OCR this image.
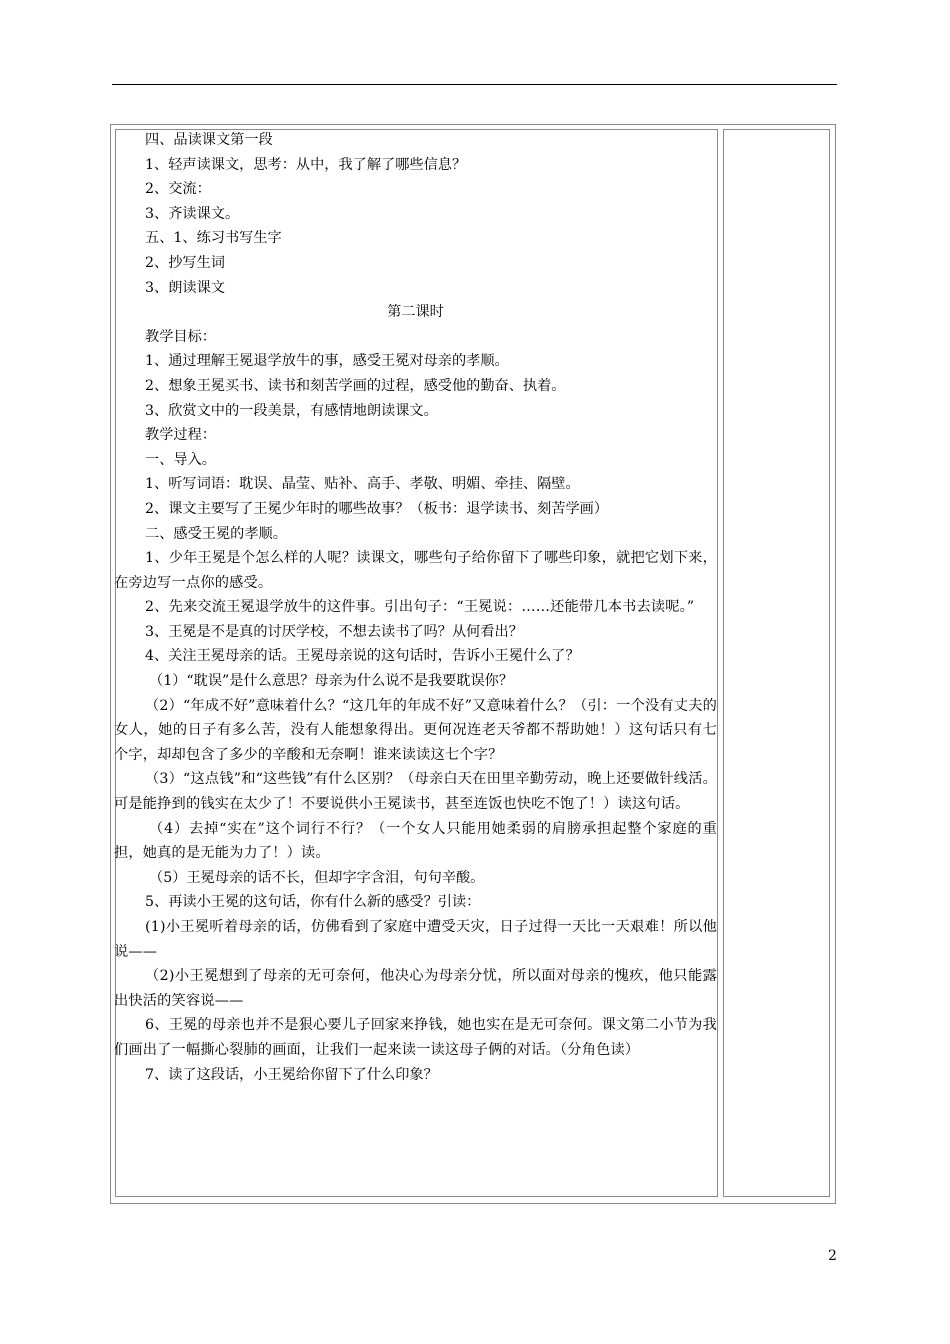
四、品读课文第一段

1、轻声读课文，思考：从中，我了解了哪些信息？

2、交流：

3、齐读课文。

五、1、练习书写生字

2、抄写生词

3、朗读课文

第二课时

教学目标：

1、通过理解王冕退学放牛的事，感受王冕对母亲的孝顺。

2、想象王冕买书、读书和刻苦学画的过程，感受他的勤奋、执着。

3、欣赏文中的一段美景，有感情地朗读课文。

教学过程：

一、导入。

1、听写词语：耽误、晶莹、贴补、高手、孝敬、明媚、牵挂、隔壁。

2、课文主要写了王冕少年时的哪些故事？（板书：退学读书、刻苦学画）

二、感受王冕的孝顺。

1、少年王冕是个怎么样的人呢？读课文，哪些句子给你留下了哪些印象，就把它划下来，在旁边写一点你的感受。

2、先来交流王冕退学放牛的这件事。引出句子：“王冕说：……还能带几本书去读呢。”

3、王冕是不是真的讨厌学校，不想去读书了吗？从何看出？

4、关注王冕母亲的话。王冕母亲说的这句话时，告诉小王冕什么了？

（1）“耽误”是什么意思？母亲为什么说不是我要耽误你？

（2）“年成不好”意味着什么？“这几年的年成不好”又意味着什么？（引：一个没有丈夫的女人，她的日子有多么苦，没有人能想象得出。更何况连老天爷都不帮助她！）这句话只有七个字，却却包含了多少的辛酸和无奈啊！谁来读读这七个字？

（3）“这点钱”和“这些钱”有什么区别？（母亲白天在田里辛勤劳动，晚上还要做针线活。可是能挣到的钱实在太少了！不要说供小王冕读书，甚至连饭也快吃不饱了！）读这句话。

（4）去掉“实在”这个词行不行？（一个女人只能用她柔弱的肩膀承担起整个家庭的重担，她真的是无能为力了！）读。

（5）王冕母亲的话不长，但却字字含泪，句句辛酸。

5、再读小王冕的这句话，你有什么新的感受？引读：

(1)小王冕听着母亲的话，仿佛看到了家庭中遭受天灾，日子过得一天比一天艰难！所以他说——

（2)小王冕想到了母亲的无可奈何，他决心为母亲分忧，所以面对母亲的愧疚，他只能露出快活的笑容说——

6、王冕的母亲也并不是狠心要儿子回家来挣钱，她也实在是无可奈何。课文第二小节为我们画出了一幅撕心裂肺的画面，让我们一起来读一读这母子俩的对话。（分角色读）

7、读了这段话，小王冕给你留下了什么印象？

2
